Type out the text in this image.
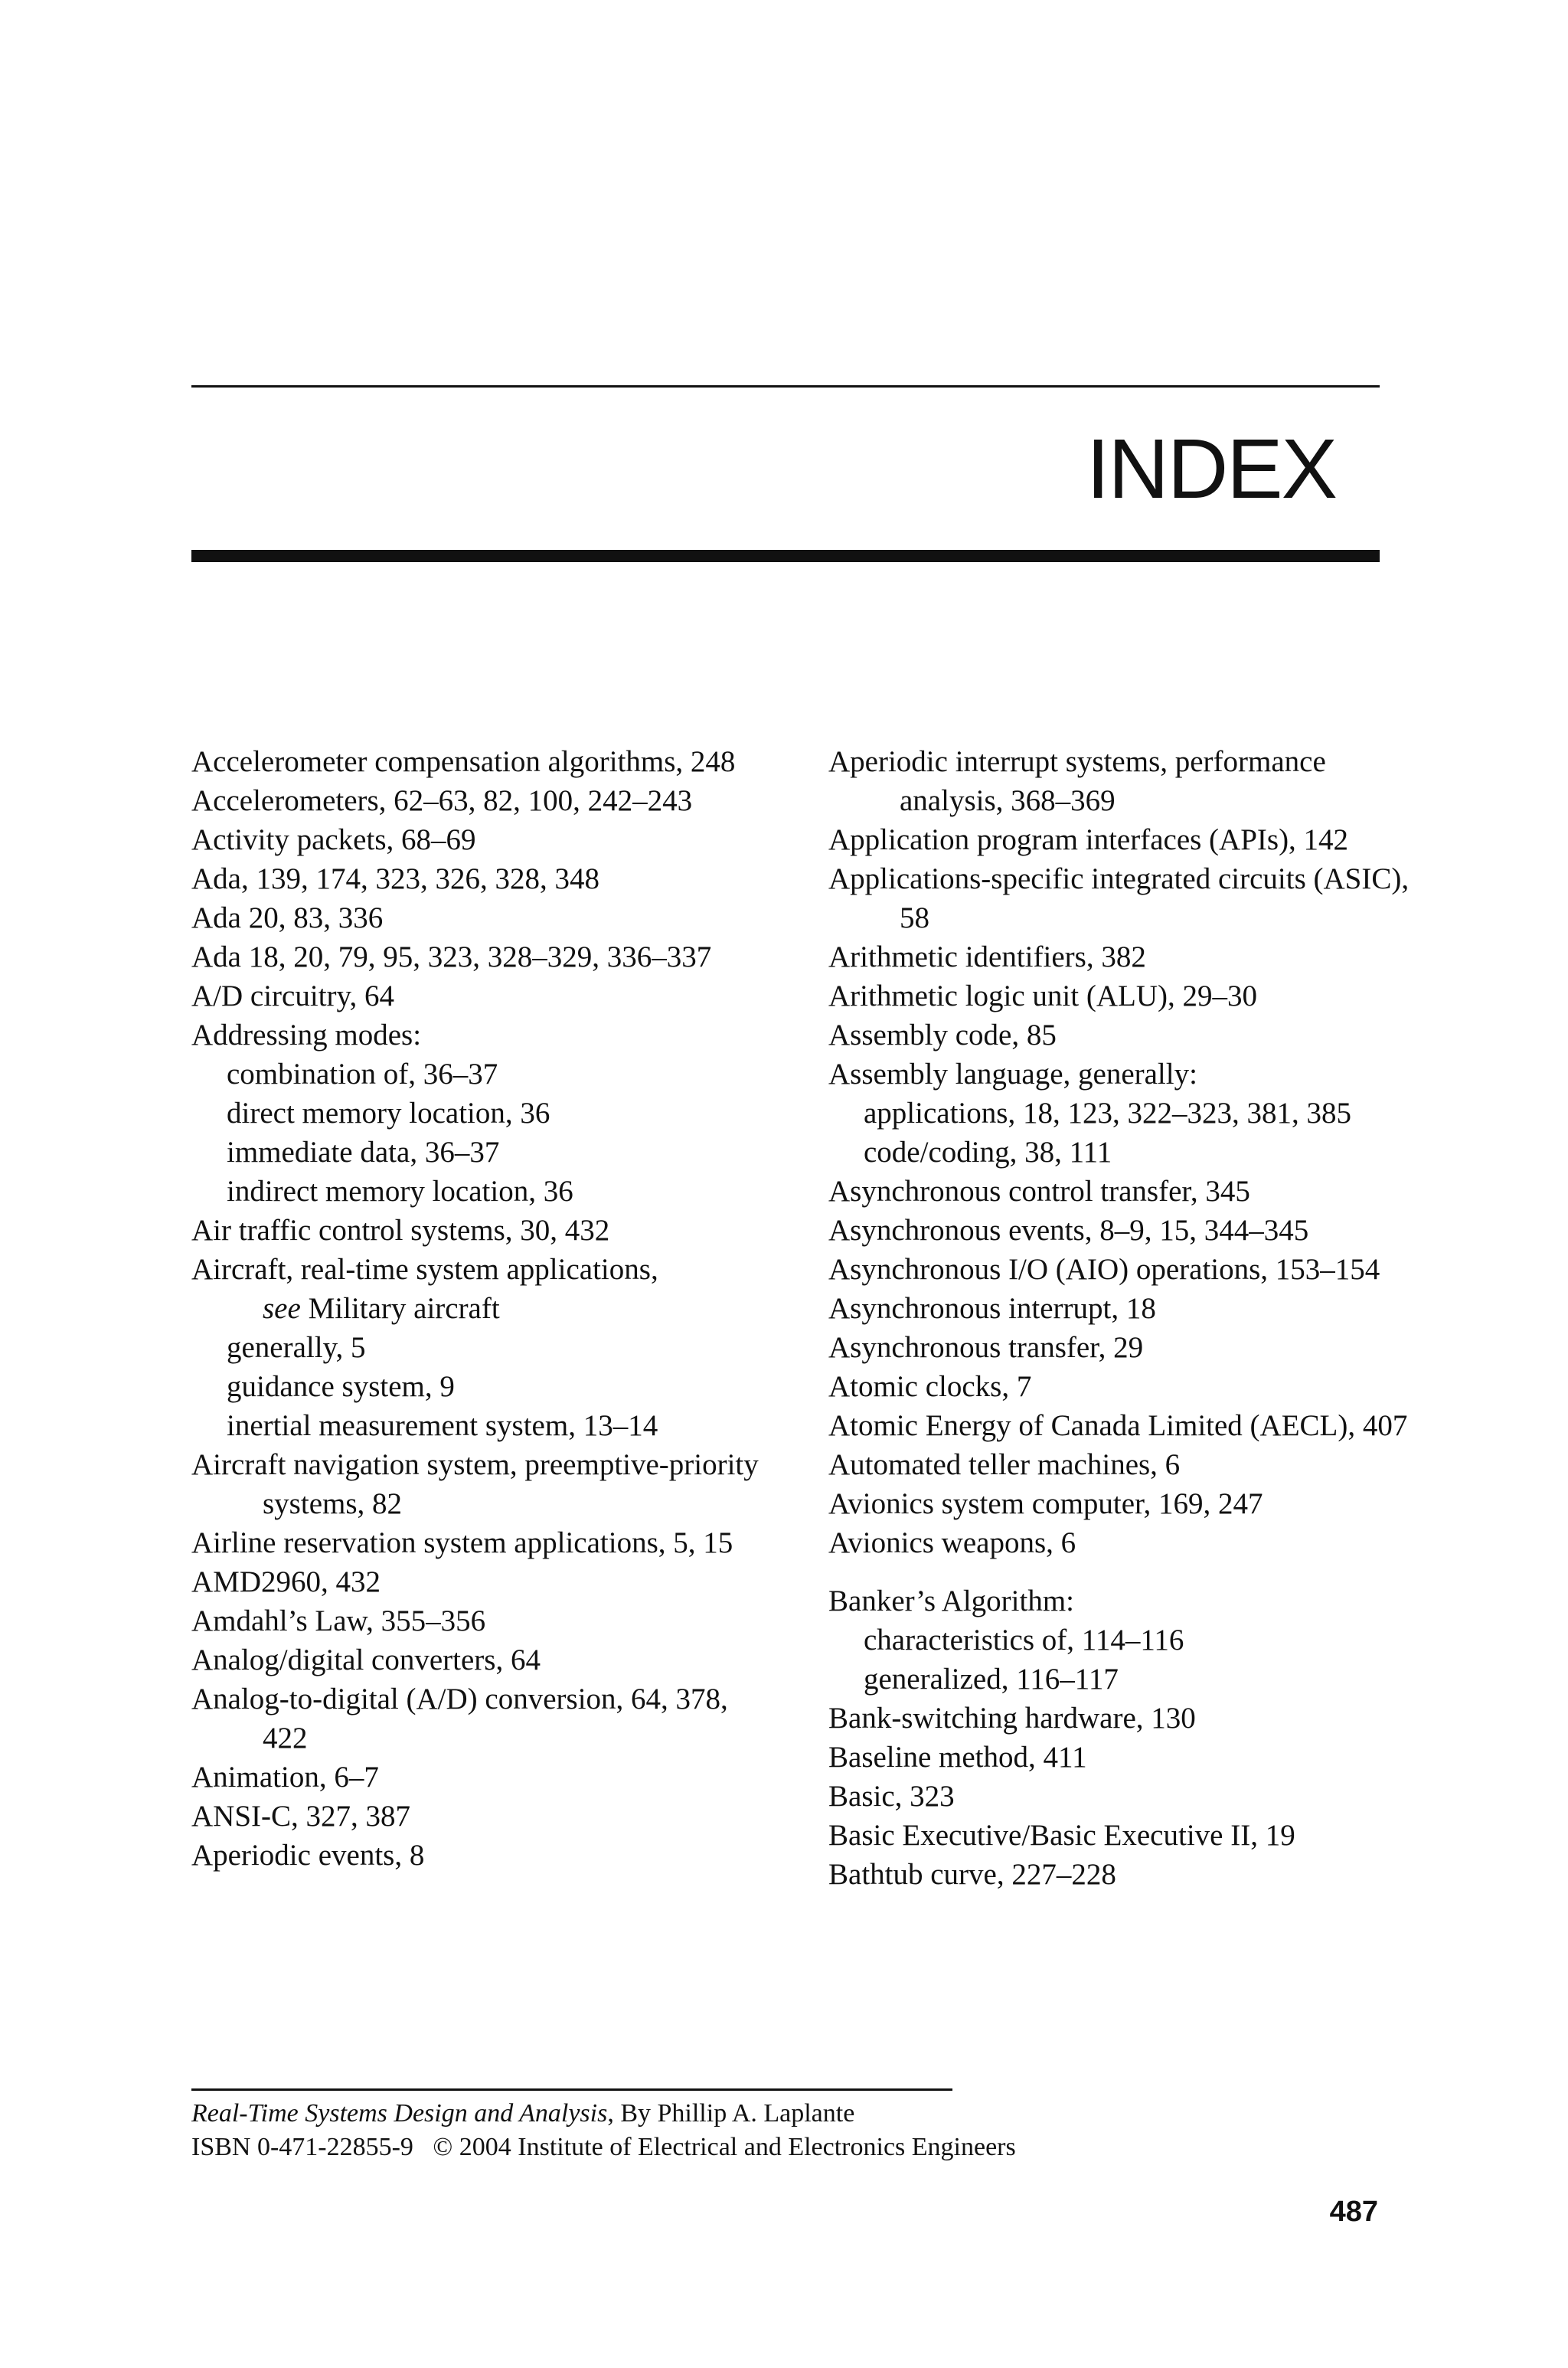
INDEX
Accelerometer compensation algorithms, 248
Accelerometers, 62–63, 82, 100, 242–243
Activity packets, 68–69
Ada, 139, 174, 323, 326, 328, 348
Ada 20, 83, 336
Ada 18, 20, 79, 95, 323, 328–329, 336–337
A/D circuitry, 64
Addressing modes:
combination of, 36–37
direct memory location, 36
immediate data, 36–37
indirect memory location, 36
Air traffic control systems, 30, 432
Aircraft, real-time system applications,
see Military aircraft
generally, 5
guidance system, 9
inertial measurement system, 13–14
Aircraft navigation system, preemptive-priority systems, 82
Airline reservation system applications, 5, 15
AMD2960, 432
Amdahl’s Law, 355–356
Analog/digital converters, 64
Analog-to-digital (A/D) conversion, 64, 378, 422
Animation, 6–7
ANSI-C, 327, 387
Aperiodic events, 8
Aperiodic interrupt systems, performance analysis, 368–369
Application program interfaces (APIs), 142
Applications-specific integrated circuits (ASIC), 58
Arithmetic identifiers, 382
Arithmetic logic unit (ALU), 29–30
Assembly code, 85
Assembly language, generally:
applications, 18, 123, 322–323, 381, 385
code/coding, 38, 111
Asynchronous control transfer, 345
Asynchronous events, 8–9, 15, 344–345
Asynchronous I/O (AIO) operations, 153–154
Asynchronous interrupt, 18
Asynchronous transfer, 29
Atomic clocks, 7
Atomic Energy of Canada Limited (AECL), 407
Automated teller machines, 6
Avionics system computer, 169, 247
Avionics weapons, 6
Banker’s Algorithm:
characteristics of, 114–116
generalized, 116–117
Bank-switching hardware, 130
Baseline method, 411
Basic, 323
Basic Executive/Basic Executive II, 19
Bathtub curve, 227–228
Real-Time Systems Design and Analysis, By Phillip A. Laplante
ISBN 0-471-22855-9   © 2004 Institute of Electrical and Electronics Engineers
487
